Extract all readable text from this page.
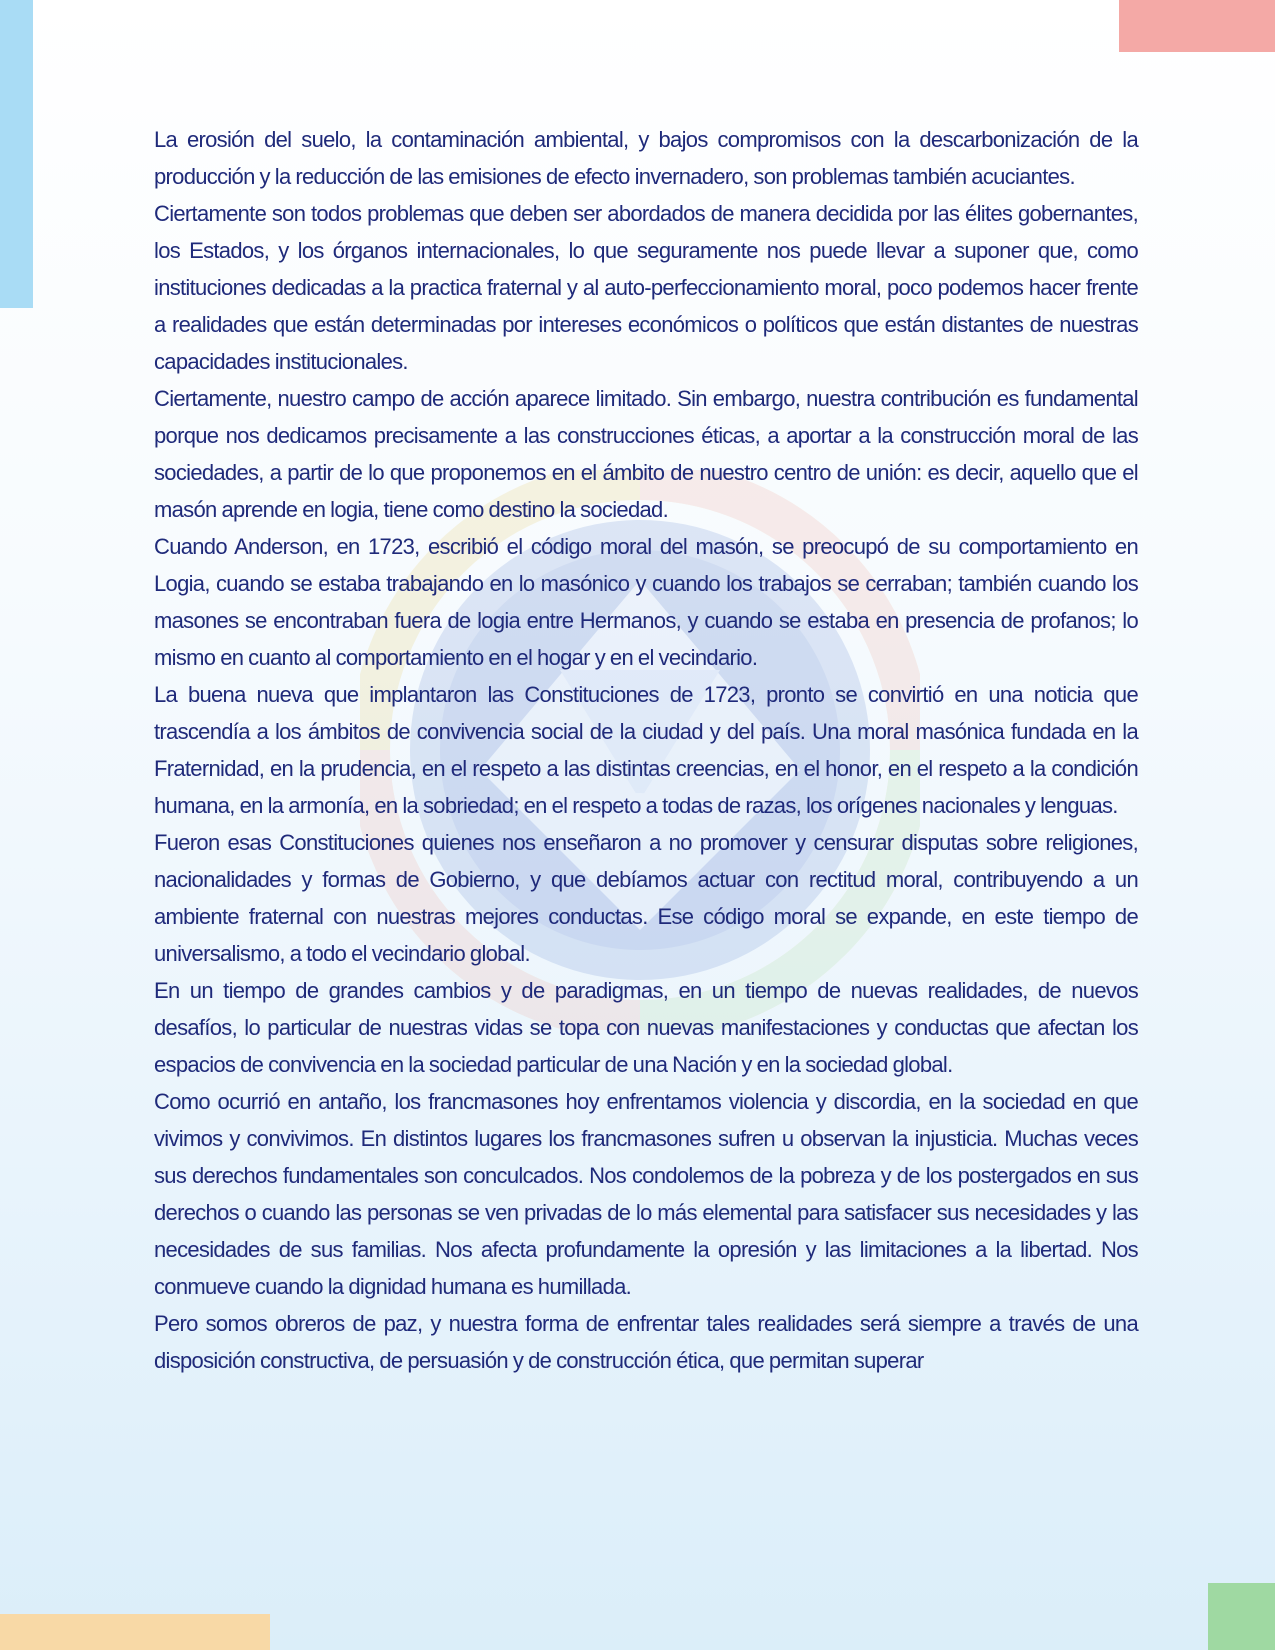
La erosión del suelo, la contaminación ambiental, y bajos compromisos con la descarbonización de la producción y la reducción de las emisiones de efecto invernadero, son problemas también acuciantes.

Ciertamente son todos problemas que deben ser abordados de manera decidida por las élites gobernantes, los Estados, y los órganos internacionales, lo que seguramente nos puede llevar a suponer que, como instituciones dedicadas a la practica fraternal y al auto-perfeccionamiento moral, poco podemos hacer frente a realidades que están determinadas por intereses económicos o políticos que están distantes de nuestras capacidades institucionales.

Ciertamente, nuestro campo de acción aparece limitado. Sin embargo, nuestra contribución es fundamental porque nos dedicamos precisamente a las construcciones éticas, a aportar a la construcción moral de las sociedades, a partir de lo que proponemos en el ámbito de nuestro centro de unión: es decir, aquello que el masón aprende en logia, tiene como destino la sociedad.

Cuando Anderson, en 1723, escribió el código moral del masón, se preocupó de su comportamiento en Logia, cuando se estaba trabajando en lo masónico y cuando los trabajos se cerraban; también cuando los masones se encontraban fuera de logia entre Hermanos, y cuando se estaba en presencia de profanos; lo mismo en cuanto al comportamiento en el hogar y en el vecindario.

La buena nueva que implantaron las Constituciones de 1723, pronto se convirtió en una noticia que trascendía a los ámbitos de convivencia social de la ciudad y del país. Una moral masónica fundada en la Fraternidad, en la prudencia, en el respeto a las distintas creencias, en el honor, en el respeto a la condición humana, en la armonía, en la sobriedad; en el respeto a todas de razas, los orígenes nacionales y lenguas.

Fueron esas Constituciones quienes nos enseñaron a no promover y censurar disputas sobre religiones, nacionalidades y formas de Gobierno, y que debíamos actuar con rectitud moral, contribuyendo a un ambiente fraternal con nuestras mejores conductas. Ese código moral se expande, en este tiempo de universalismo, a todo el vecindario global.

En un tiempo de grandes cambios y de paradigmas, en un tiempo de nuevas realidades, de nuevos desafíos, lo particular de nuestras vidas se topa con nuevas manifestaciones y conductas que afectan los espacios de convivencia en la sociedad particular de una Nación y en la sociedad global.

Como ocurrió en antaño, los francmasones hoy enfrentamos violencia y discordia, en la sociedad en que vivimos y convivimos. En distintos lugares los francmasones sufren u observan la injusticia. Muchas veces sus derechos fundamentales son conculcados. Nos condolemos de la pobreza y de los postergados en sus derechos o cuando las personas se ven privadas de lo más elemental para satisfacer sus necesidades y las necesidades de sus familias. Nos afecta profundamente la opresión y las limitaciones a la libertad. Nos conmueve cuando la dignidad humana es humillada.

Pero somos obreros de paz, y nuestra forma de enfrentar tales realidades será siempre a través de una disposición constructiva, de persuasión y de construcción ética, que permitan superar
